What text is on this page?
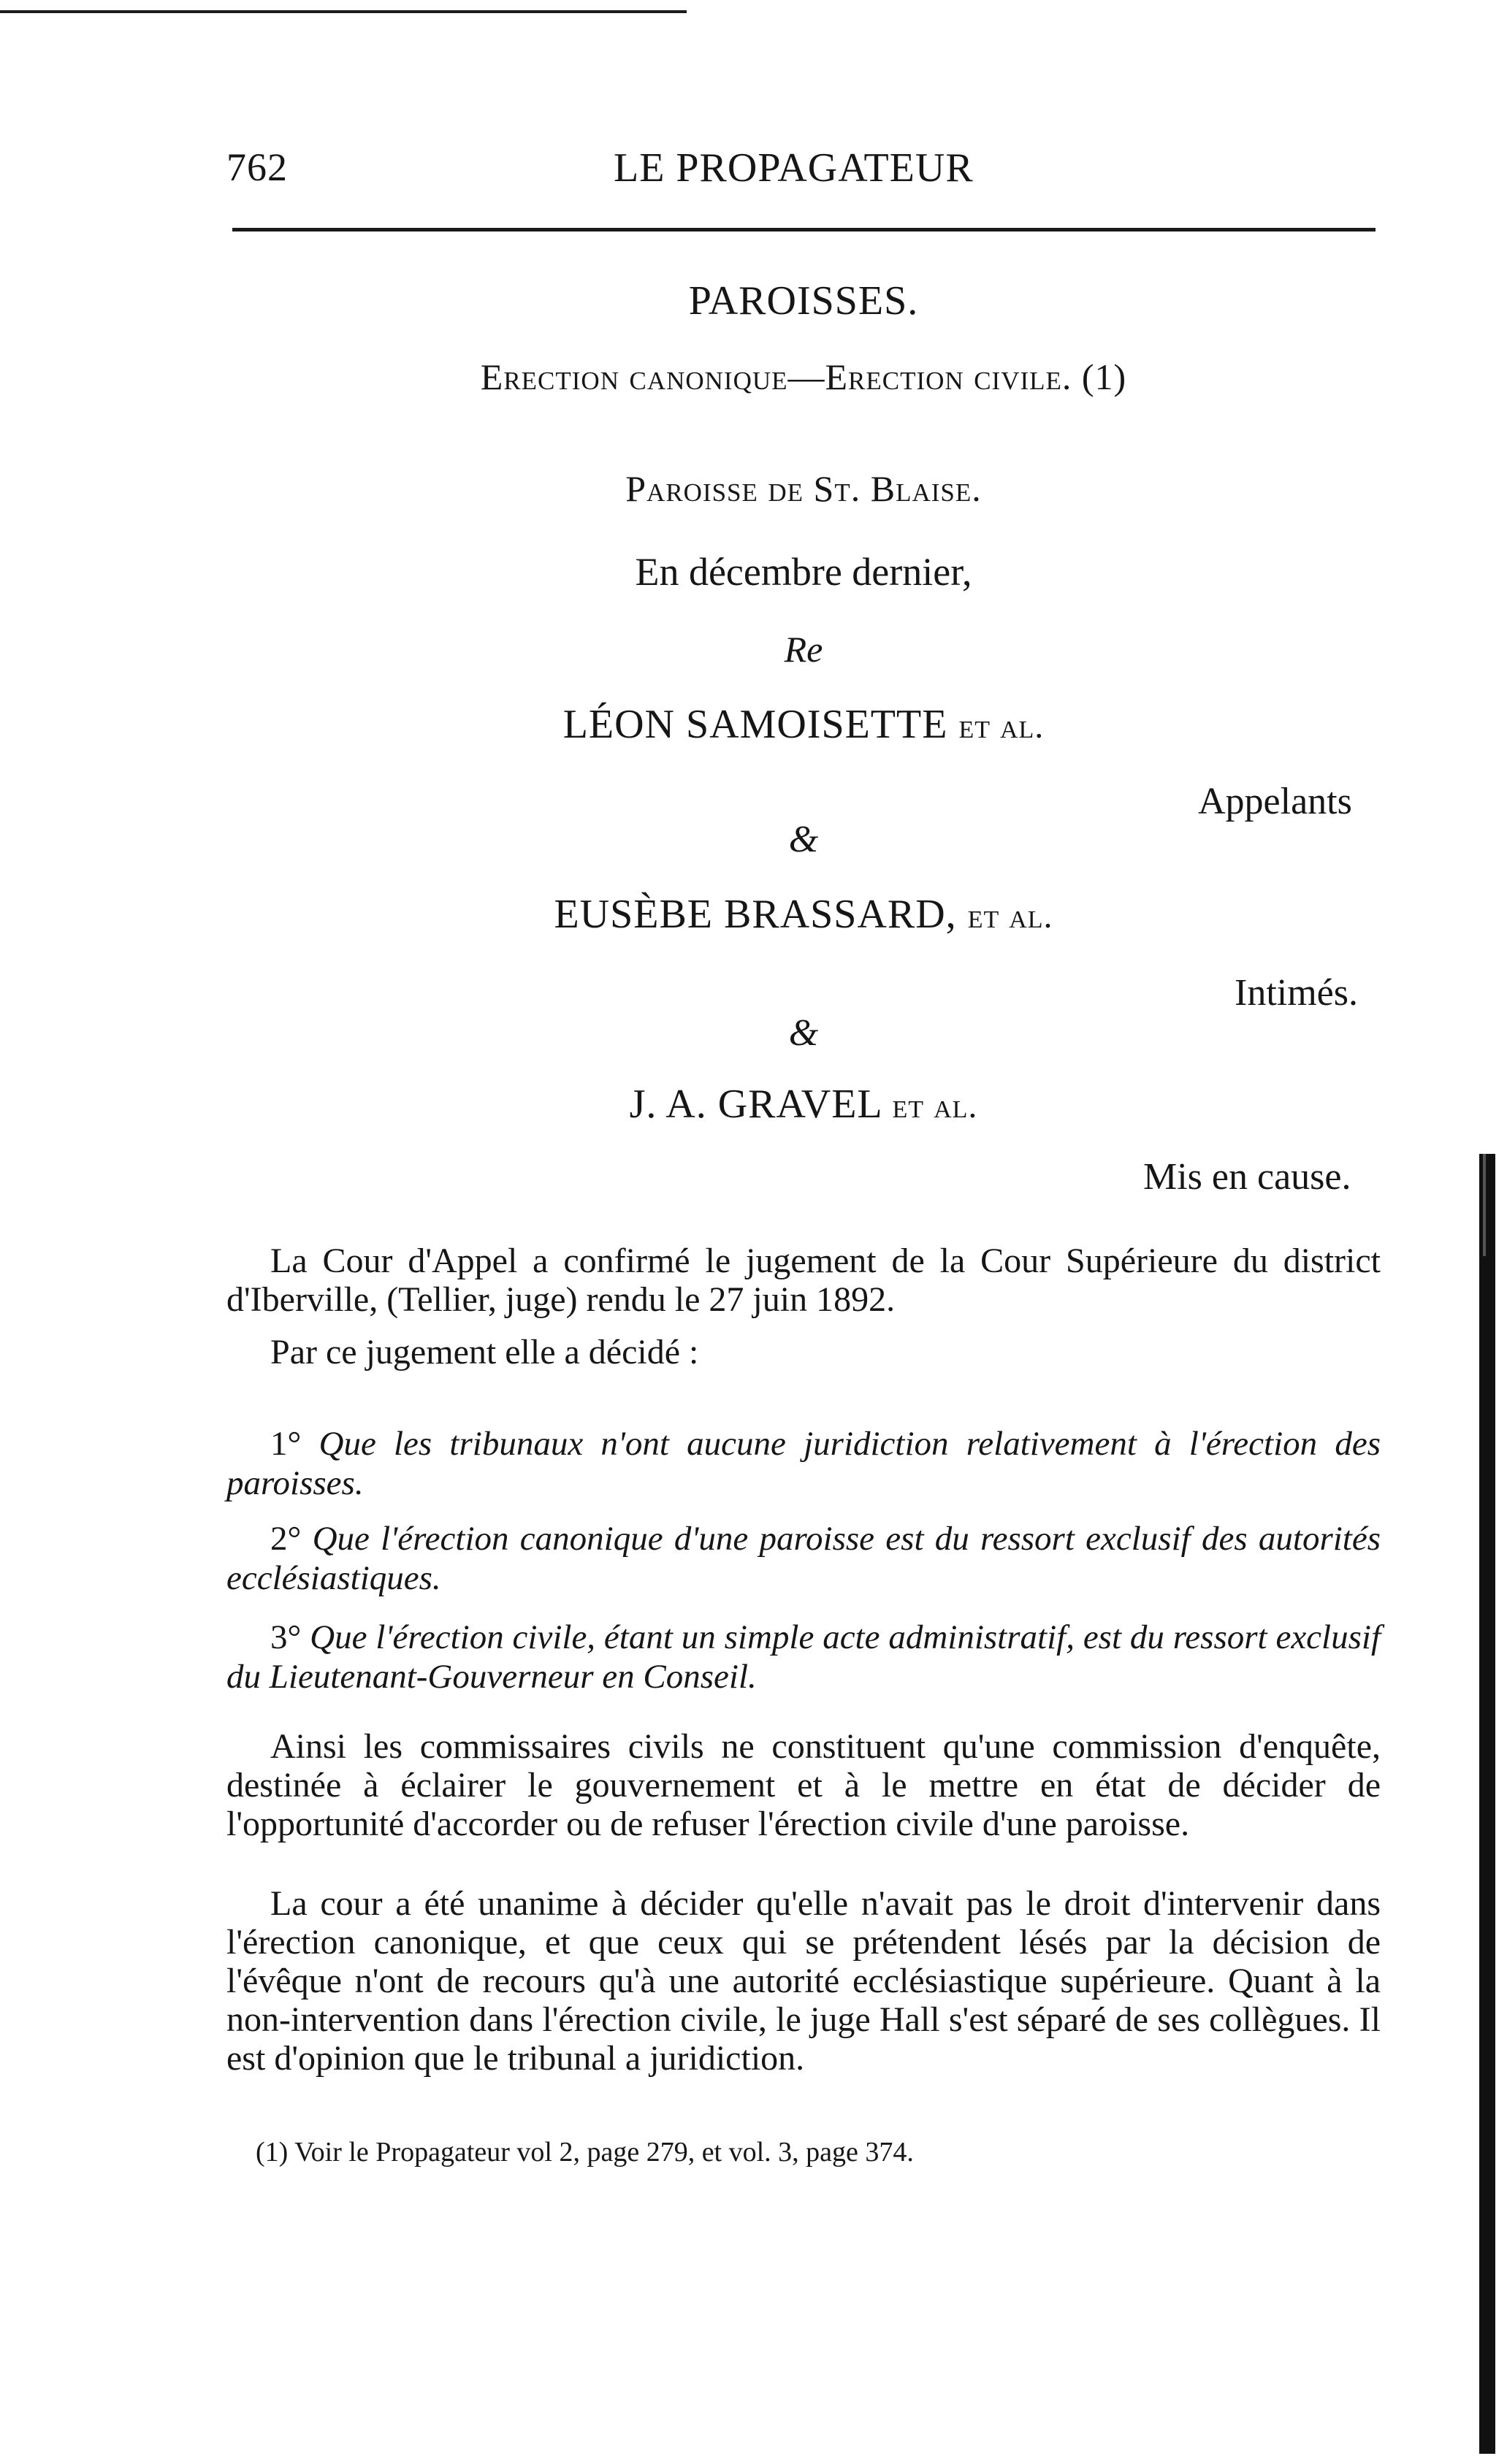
762	LE PROPAGATEUR
PAROISSES.
Erection canonique—Erection civile. (1)
Paroisse de St. Blaise.
En décembre dernier,
Re
LÉON SAMOISETTE et al.
Appelants
&
EUSÈBE BRASSARD, et al.
Intimés.
&
J. A. GRAVEL et al.
Mis en cause.
La Cour d'Appel a confirmé le jugement de la Cour Supérieure du district d'Iberville, (Tellier, juge) rendu le 27 juin 1892.
Par ce jugement elle a décidé :
1° Que les tribunaux n'ont aucune juridiction relativement à l'érection des paroisses.
2° Que l'érection canonique d'une paroisse est du ressort exclusif des autorités ecclésiastiques.
3° Que l'érection civile, étant un simple acte administratif, est du ressort exclusif du Lieutenant-Gouverneur en Conseil.
Ainsi les commissaires civils ne constituent qu'une commission d'enquête, destinée à éclairer le gouvernement et à le mettre en état de décider de l'opportunité d'accorder ou de refuser l'érection civile d'une paroisse.
La cour a été unanime à décider qu'elle n'avait pas le droit d'intervenir dans l'érection canonique, et que ceux qui se prétendent lésés par la décision de l'évêque n'ont de recours qu'à une autorité ecclésiastique supérieure. Quant à la non-intervention dans l'érection civile, le juge Hall s'est séparé de ses collègues. Il est d'opinion que le tribunal a juridiction.
(1) Voir le Propagateur vol 2, page 279, et vol. 3, page 374.
